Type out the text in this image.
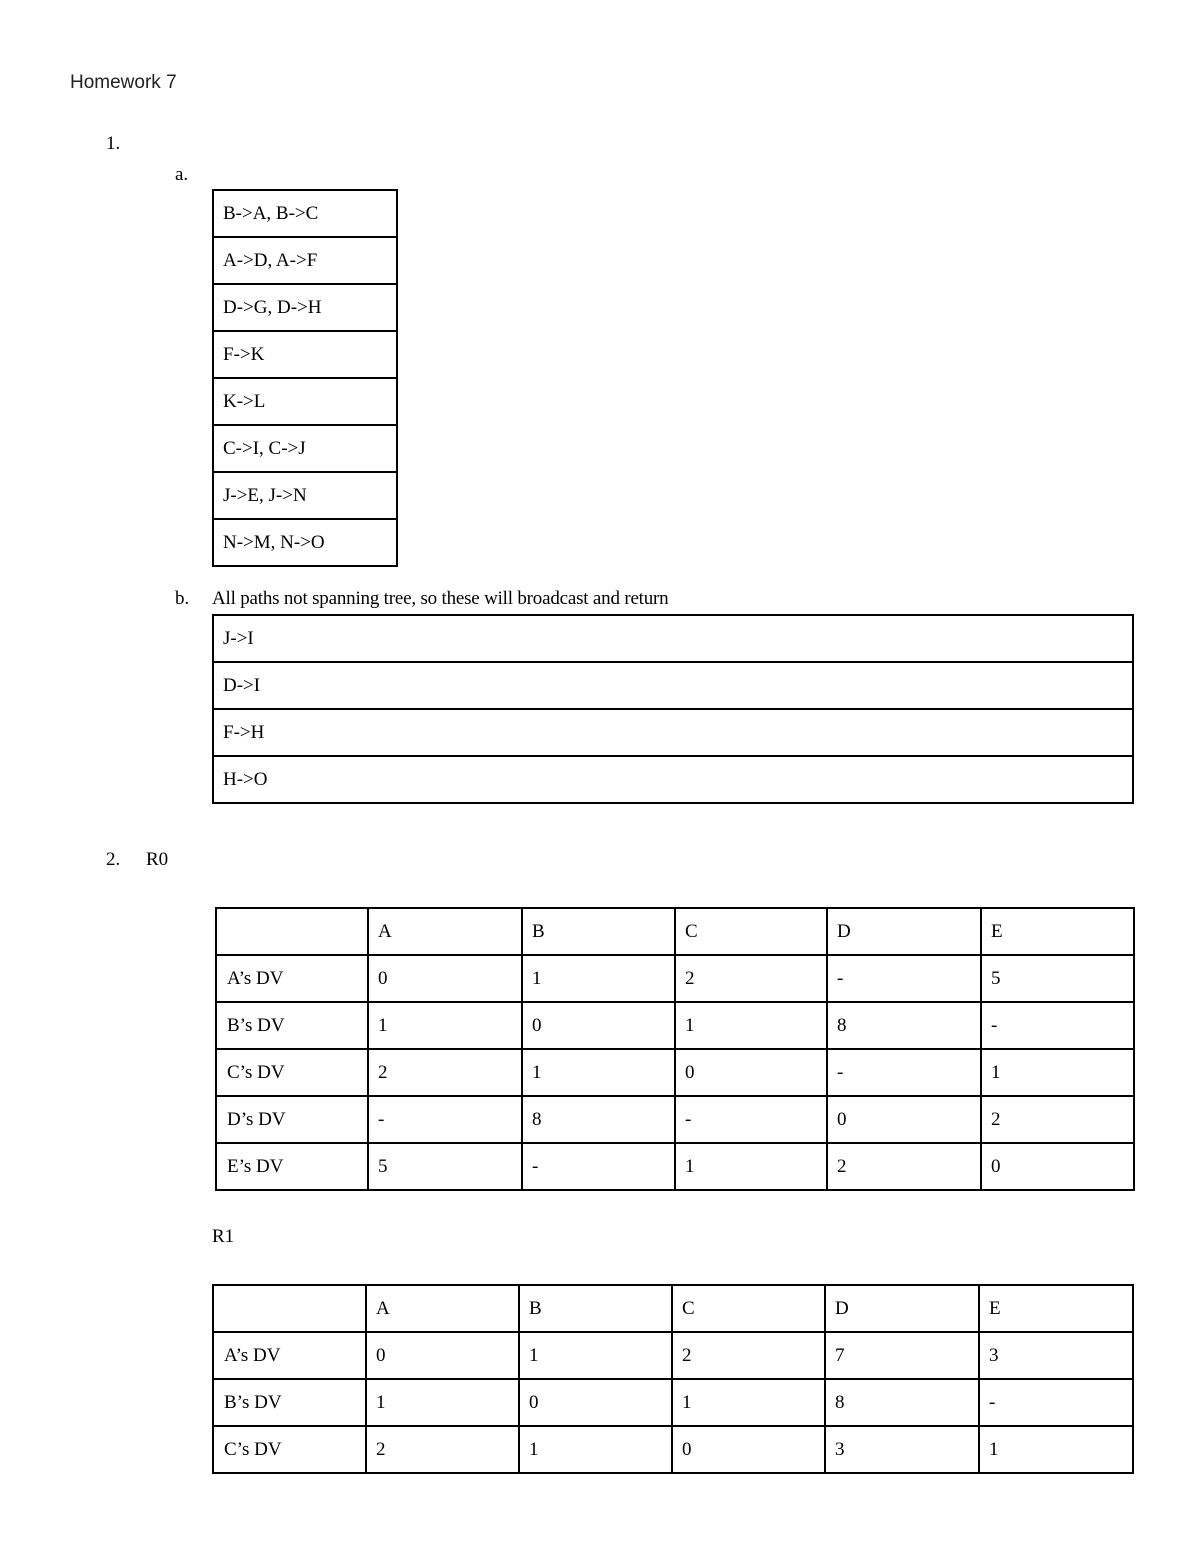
Homework 7
1.
a.
B->A, B->C
A->D, A->F
D->G, D->H
F->K
K->L
C->I, C->J
J->E, J->N
N->M, N->O
b. All paths not spanning tree, so these will broadcast and return
J->I
D->I
F->H
H->O
2. R0
	A	B	C	D	E
A’s DV	0	1	2	-	5
B’s DV	1	0	1	8	-
C’s DV	2	1	0	-	1
D’s DV	-	8	-	0	2
E’s DV	5	-	1	2	0
R1
	A	B	C	D	E
A’s DV	0	1	2	7	3
B’s DV	1	0	1	8	-
C’s DV	2	1	0	3	1
